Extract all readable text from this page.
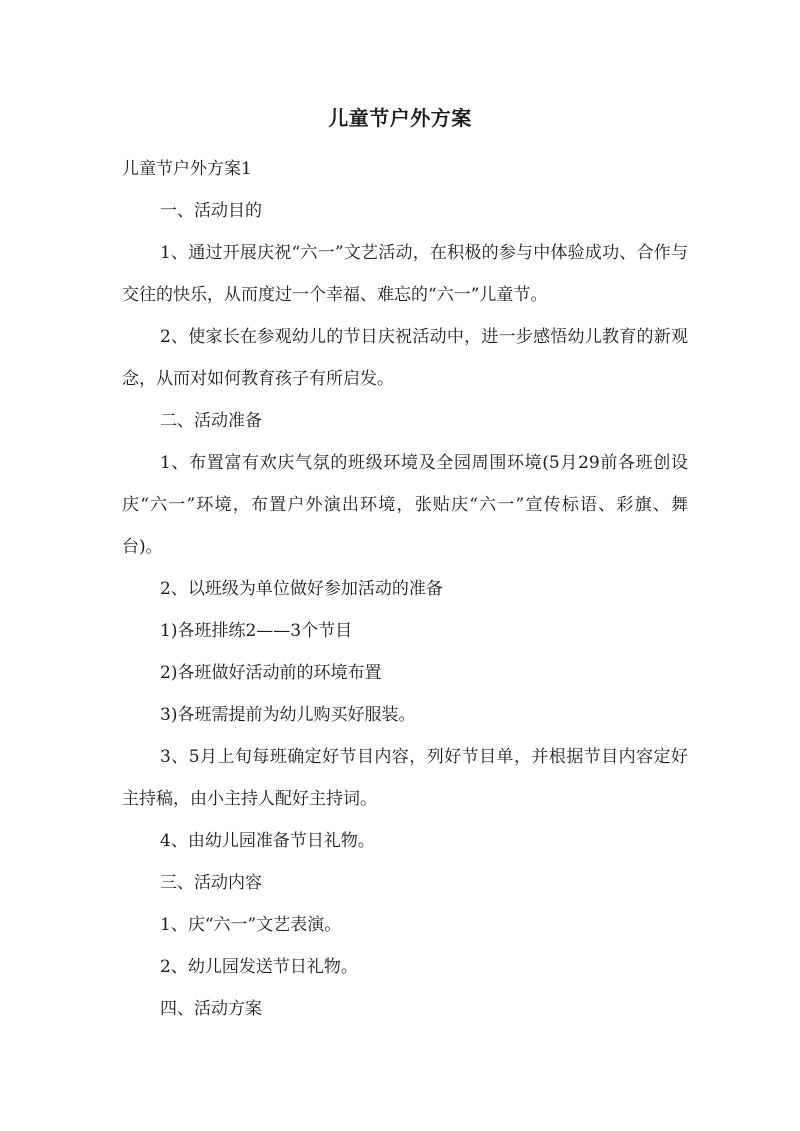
儿童节户外方案

儿童节户外方案1

一、活动目的

1、通过开展庆祝“六一”文艺活动，在积极的参与中体验成功、合作与交往的快乐，从而度过一个幸福、难忘的“六一”儿童节。

2、使家长在参观幼儿的节日庆祝活动中，进一步感悟幼儿教育的新观念，从而对如何教育孩子有所启发。

二、活动准备

1、布置富有欢庆气氛的班级环境及全园周围环境(5月29前各班创设庆“六一”环境，布置户外演出环境，张贴庆“六一”宣传标语、彩旗、舞台)。

2、以班级为单位做好参加活动的准备

1)各班排练2——3个节目

2)各班做好活动前的环境布置

3)各班需提前为幼儿购买好服装。

3、5月上旬每班确定好节目内容，列好节目单，并根据节目内容定好主持稿，由小主持人配好主持词。

4、由幼儿园准备节日礼物。

三、活动内容

1、庆“六一”文艺表演。

2、幼儿园发送节日礼物。

四、活动方案
